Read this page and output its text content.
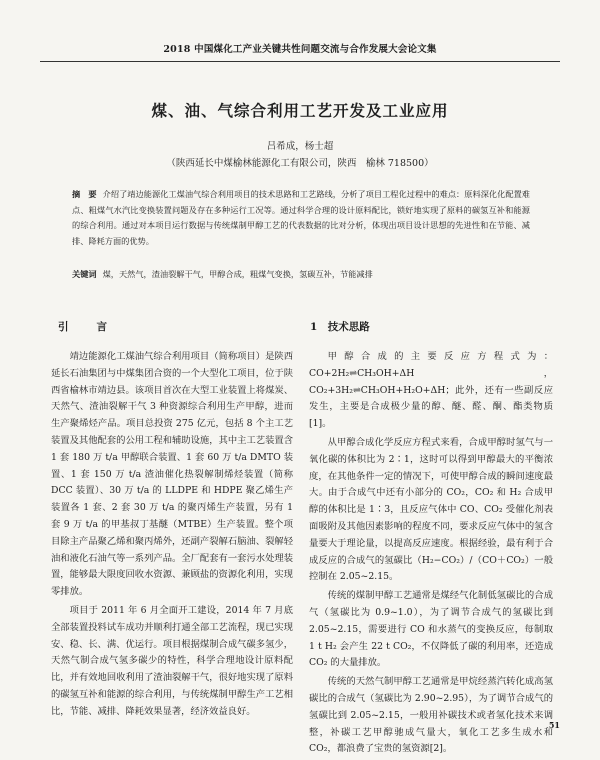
2018 中国煤化工产业关键共性问题交流与合作发展大会论文集
煤、油、气综合利用工艺开发及工业应用
吕希成，杨士超
（陕西延长中煤榆林能源化工有限公司，陕西　榆林 718500）
摘　要 介绍了靖边能源化工煤油气综合利用项目的技术思路和工艺路线，分析了项目工程化过程中的难点：原料深化化配置难点、粗煤气水汽比变换装置问题及存在多种运行工况等。通过科学合理的设计原料配比，锁好地实现了原料的碳氢互补和能源的综合利用。通过对本项目运行数据与传统煤制甲醇工艺的代表数据的比对分析，体现出项目设计思想的先进性和在节能、减排、降耗方面的优势。
关键词 煤，天然气，渣油裂解干气，甲醇合成，粗煤气变换，氢碳互补，节能减排
引	言	1　技术思路

靖边能源化工煤油气综合利用项目（简称项目）是陕西延长石油集团与中煤集团合资的一个大型化工项目，位于陕西省榆林市靖边县。该项目首次在大型工业装置上将煤炭、天然气、渣油裂解干气 3 种资源综合利用生产甲醇，进而生产聚烯烃产品。项目总投资 275 亿元，包括 8 个主工艺装置及其他配套的公用工程和辅助设施，其中主工艺装置含 1 套 180 万 t/a 甲醇联合装置、1 套 60 万 t/a DMTO 装置、1 套 150 万 t/a 渣油催化热裂解制烯烃装置（简称 DCC 装置）、30 万 t/a 的 LLDPE 和 HDPE 聚乙烯生产装置各 1 套、2 套 30 万 t/a 的聚丙烯生产装置，另有 1 套 9 万 t/a 的甲基叔丁基醚（MTBE）生产装置。整个项目除主产品聚乙烯和聚丙烯外，还副产裂解石脑油、裂解轻油和液化石油气等一系列产品。全厂配套有一套污水处理装置，能够最大限度回收水资源、兼顾盐的资源化利用，实现零排放。

项目于 2011 年 6 月全面开工建设，2014 年 7 月底全部装置投料试车成功并顺利打通全部工艺流程，现已实现安、稳、长、满、优运行。项目根据煤制合成气碳多氢少，天然气制合成气氢多碳少的特性，科学合理地设计原料配比，并有效地回收利用了渣油裂解干气，很好地实现了原料的碳氢互补和能源的综合利用，与传统煤制甲醇生产工艺相比，节能、减排、降耗效果显著，经济效益良好。

甲醇合成的主要反应方程式为：CO+2H₂⇌CH₃OH+ΔH，CO₂+3H₂⇌CH₃OH+H₂O+ΔH；此外，还有一些副反应发生，主要是合成极少量的醇、醚、醛、酮、酯类物质[1]。

从甲醇合成化学反应方程式来看，合成甲醇时氢气与一氧化碳的体积比为 2∶1，这时可以得到甲醇最大的平衡浓度，在其他条件一定的情况下，可使甲醇合成的瞬间速度最大。由于合成气中还有小部分的 CO₂，CO₂ 和 H₂ 合成甲醇的体积比是 1∶3，且反应气体中 CO、CO₂ 受催化剂表面吸附及其他因素影响的程度不同，要求反应气体中的氢含量要大于理论量，以提高反应速度。根据经验，最有利于合成反应的合成气的氢碳比（H₂−CO₂）/（CO＋CO₂）一般控制在 2.05~2.15。

传统的煤制甲醇工艺通常是煤经气化制低氢碳比的合成气（氢碳比为 0.9~1.0），为了调节合成气的氢碳比到 2.05~2.15，需要进行 CO 和水蒸气的变换反应，每制取 1 t H₂ 会产生 22 t CO₂，不仅降低了碳的利用率，还造成 CO₂ 的大量排放。

传统的天然气制甲醇工艺通常是甲烷经蒸汽转化成高氢碳比的合成气（氢碳比为 2.90~2.95），为了调节合成气的氢碳比到 2.05~2.15，一般用补碳技术或者氢化技术来调整，补碳工艺甲醇驰成气量大，氧化工艺多生成水和 CO₂，都浪费了宝贵的氢资源[2]。

51
